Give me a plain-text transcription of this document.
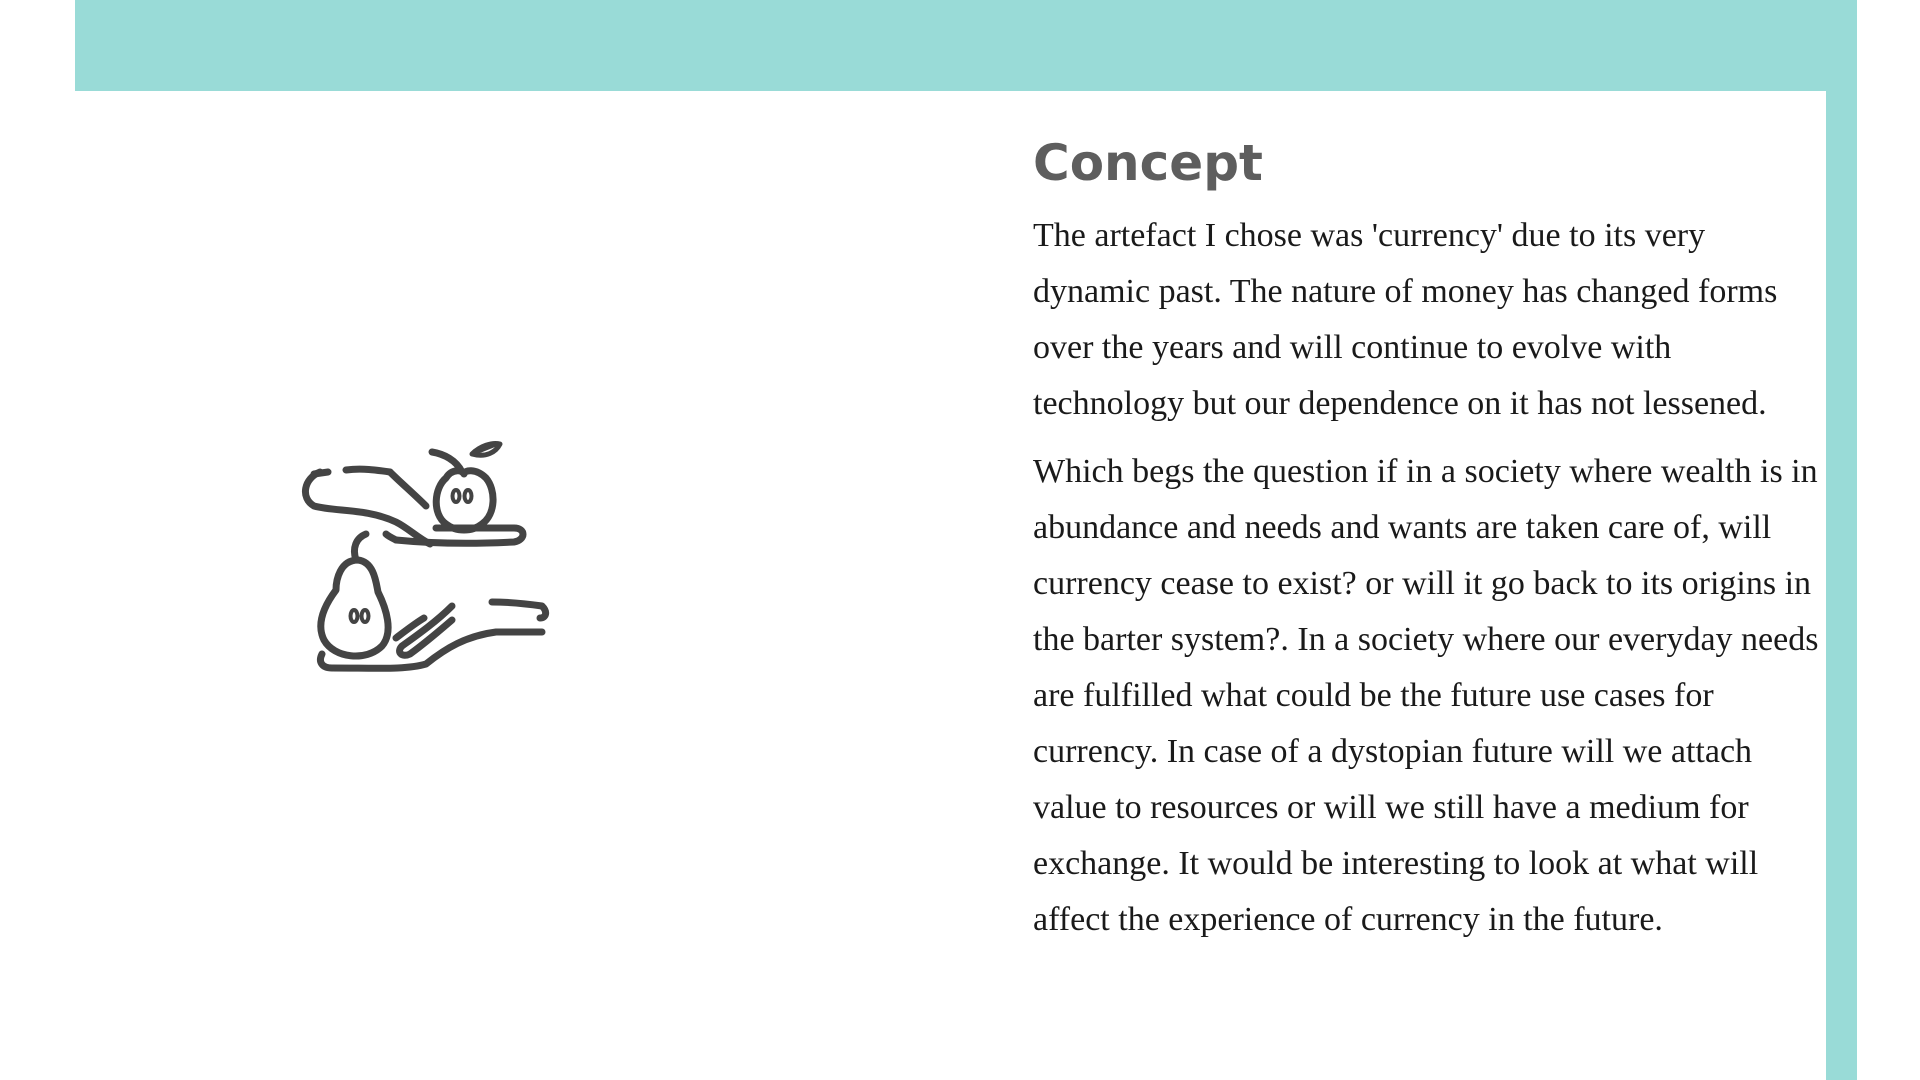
Concept

The artefact I chose was 'currency' due to its very dynamic past. The nature of money has changed forms over the years and will continue to evolve with technology but our dependence on it has not lessened.

Which begs the question if in a society where wealth is in abundance and needs and wants are taken care of, will currency cease to exist? or will it go back to its origins in the barter system?. In a society where our everyday needs are fulfilled what could be the future use cases for currency. In case of a dystopian future will we attach value to resources or will we still have a medium for exchange. It would be interesting to look at what will affect the experience of currency in the future.
